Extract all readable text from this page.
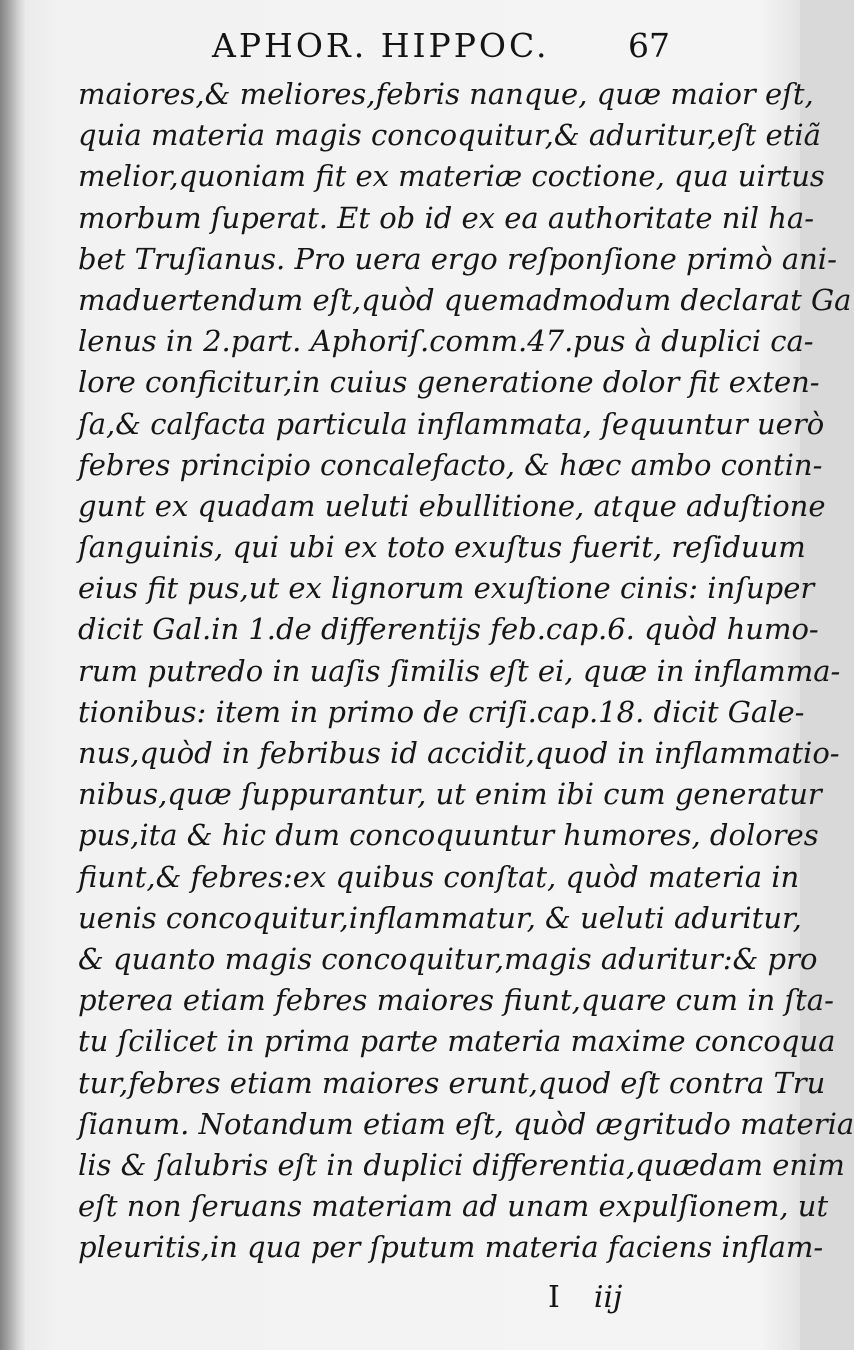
APHOR. HIPPOC. 67
maiores,& meliores,febris nanque, quæ maior eſt,
quia materia magis concoquitur,& aduritur,eſt etiã
melior,quoniam fit ex materiæ coctione, qua uirtus
morbum ſuperat. Et ob id ex ea authoritate nil ha-
bet Truſianus. Pro uera ergo reſponſione primò ani-
maduertendum eſt,quòd quemadmodum declarat Ga
lenus in 2.part. Aphoriſ.comm.47.pus à duplici ca-
lore conficitur,in cuius generatione dolor fit exten-
ſa,& calfacta particula inflammata, ſequuntur uerò
febres principio concalefacto, & hæc ambo contin-
gunt ex quadam ueluti ebullitione, atque aduſtione
ſanguinis, qui ubi ex toto exuſtus fuerit, reſiduum
eius fit pus,ut ex lignorum exuſtione cinis: inſuper
dicit Gal.in 1.de differentijs feb.cap.6. quòd humo-
rum putredo in uaſis ſimilis eſt ei, quæ in inflamma-
tionibus: item in primo de criſi.cap.18. dicit Gale-
nus,quòd in febribus id accidit,quod in inflammatio-
nibus,quæ ſuppurantur, ut enim ibi cum generatur
pus,ita & hic dum concoquuntur humores, dolores
fiunt,& febres:ex quibus conſtat, quòd materia in
uenis concoquitur,inflammatur, & ueluti aduritur,
& quanto magis concoquitur,magis aduritur:& pro
pterea etiam febres maiores fiunt,quare cum in ſta-
tu ſcilicet in prima parte materia maxime concoqua
tur,febres etiam maiores erunt,quod eſt contra Tru
ſianum. Notandum etiam eſt, quòd ægritudo materia
lis & ſalubris eſt in duplici differentia,quædam enim
eſt non ſeruans materiam ad unam expulſionem, ut
pleuritis,in qua per ſputum materia faciens inflam-
I iij
